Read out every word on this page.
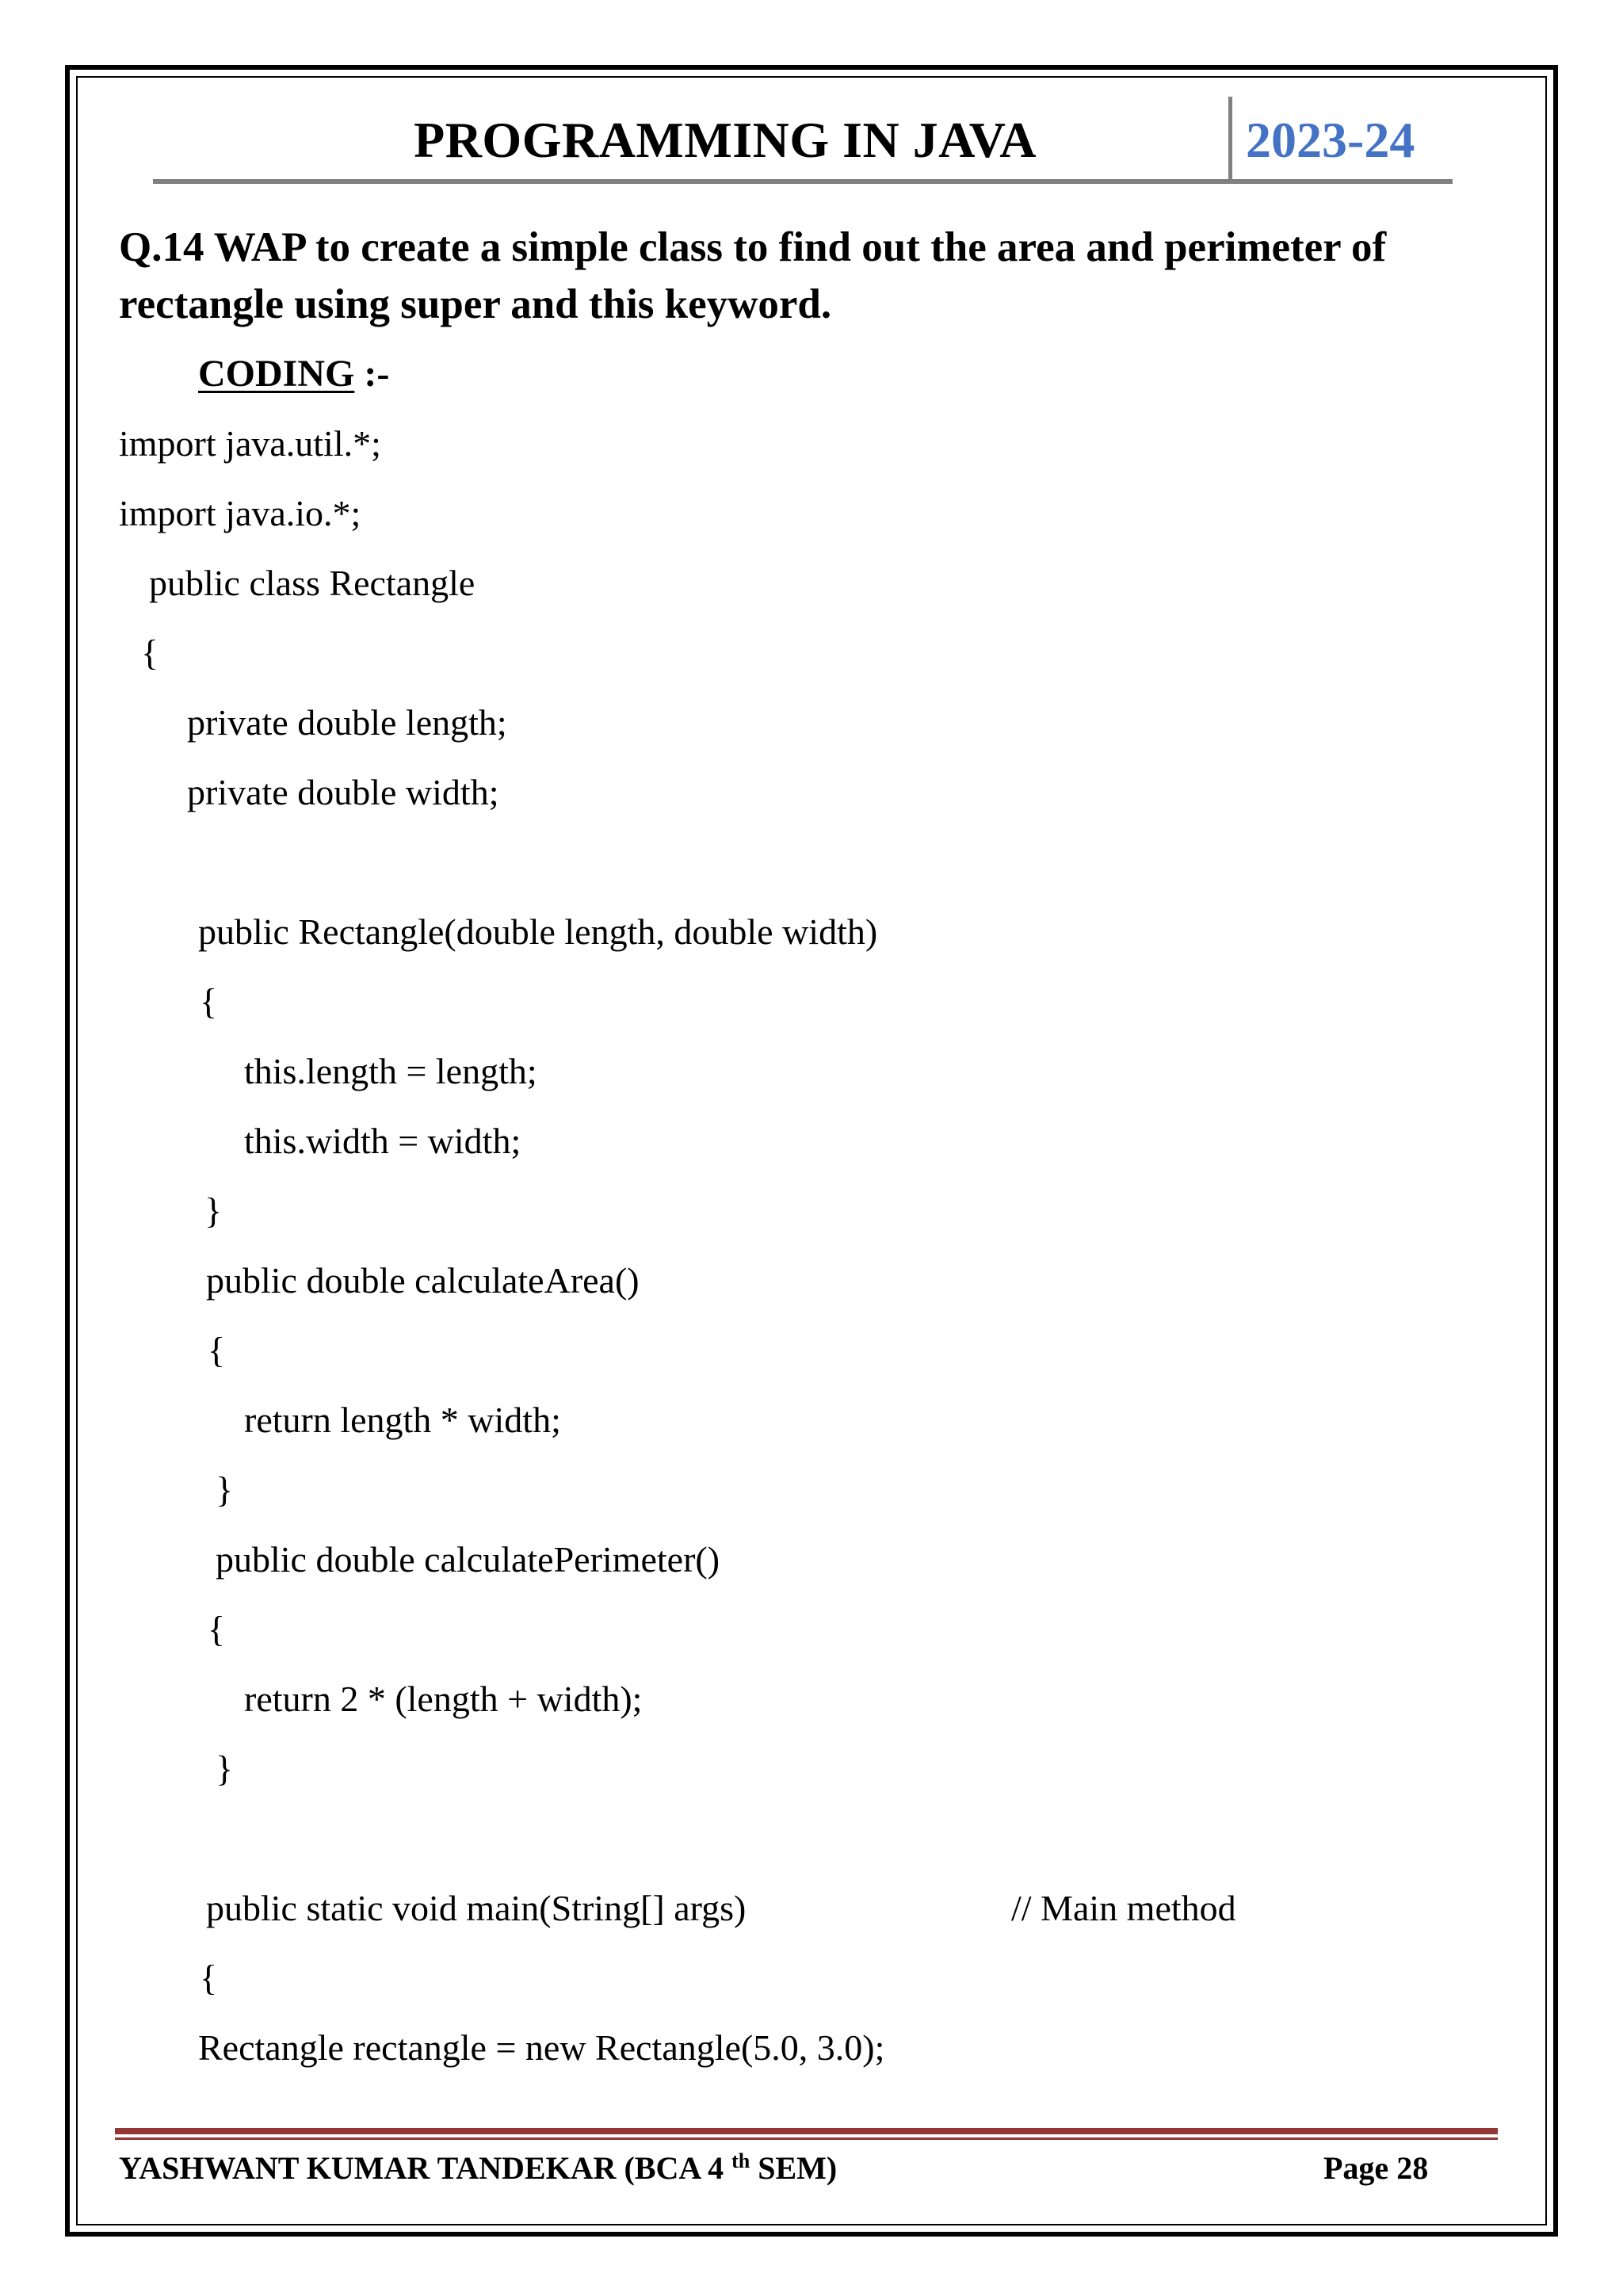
PROGRAMMING IN JAVA	2023-24
Q.14 WAP to create a simple class to find out the area and perimeter of rectangle using super and this keyword.
CODING :-
import java.util.*;
import java.io.*;
public class Rectangle
{
private double length;
private double width;
public Rectangle(double length, double width)
{
this.length = length;
this.width = width;
}
public double calculateArea()
{
return length * width;
}
public double calculatePerimeter()
{
return 2 * (length + width);
}
public static void main(String[] args)	// Main method
{
Rectangle rectangle = new Rectangle(5.0, 3.0);
YASHWANT KUMAR TANDEKAR (BCA 4 $^{th}$ SEM)	Page 28
